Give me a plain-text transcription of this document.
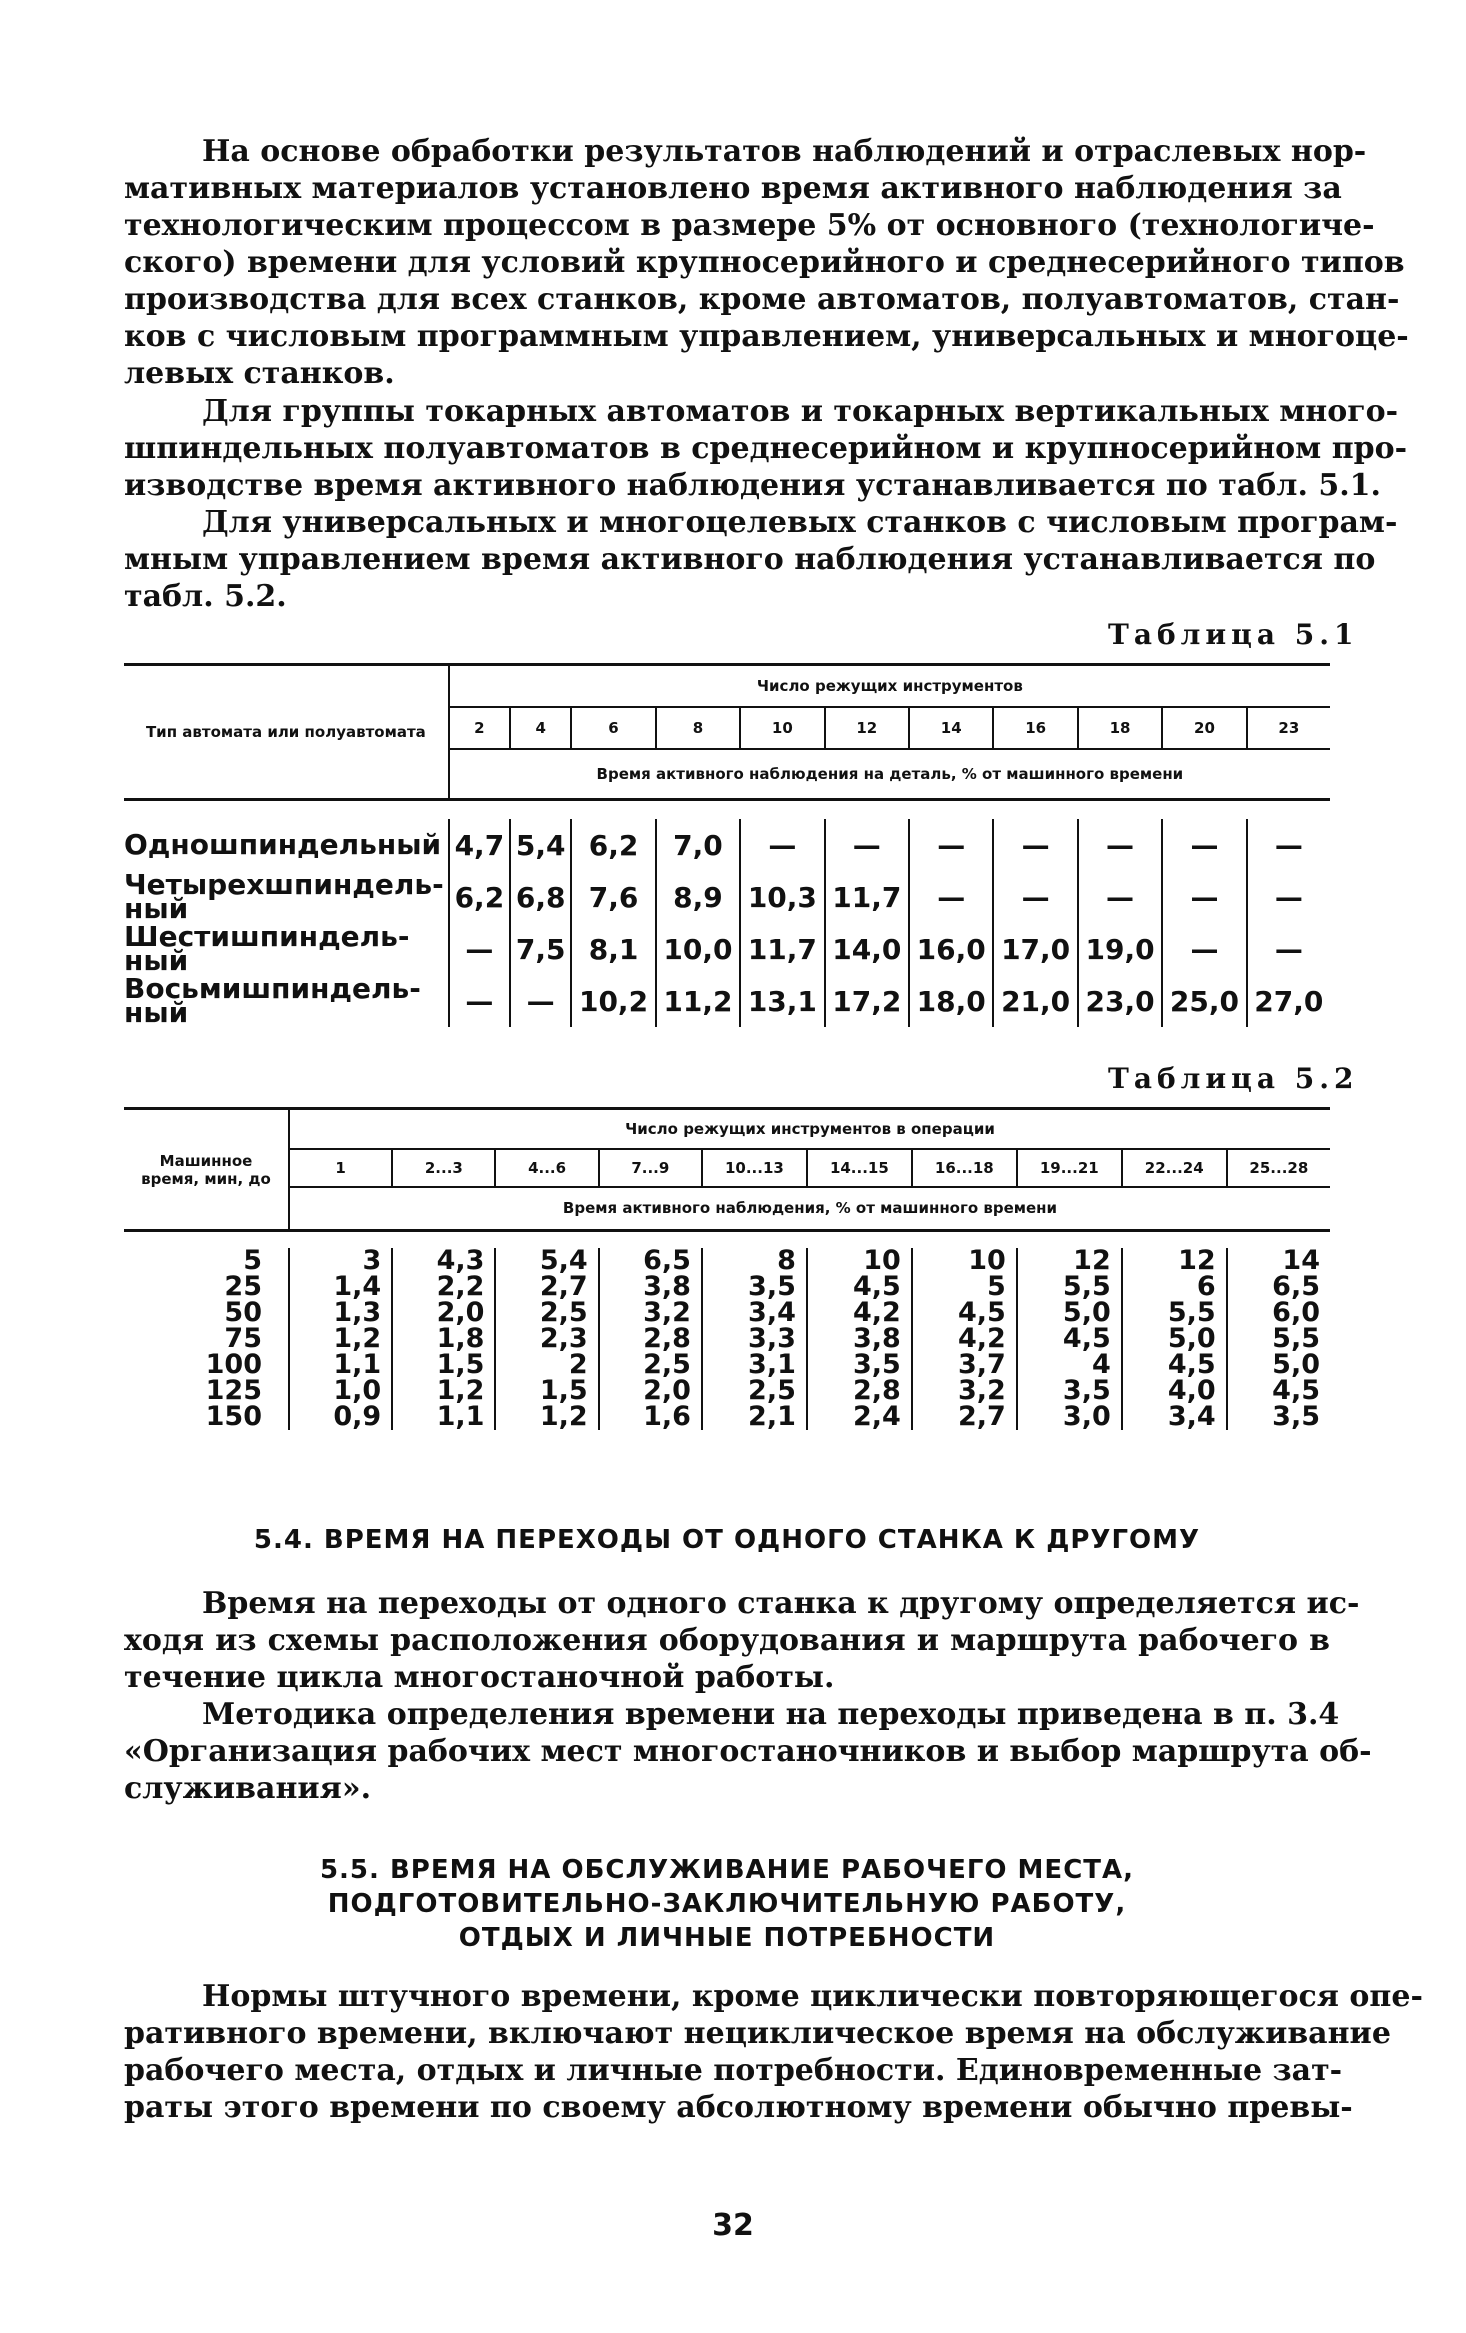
На основе обработки результатов наблюдений и отраслевых нор-
мативных материалов установлено время активного наблюдения за
технологическим процессом в размере 5% от основного (технологиче-
ского) времени для условий крупносерийного и среднесерийного типов
производства для всех станков, кроме автоматов, полуавтоматов, стан-
ков с числовым программным управлением, универсальных и многоце-
левых станков.
Для группы токарных автоматов и токарных вертикальных много-
шпиндельных полуавтоматов в среднесерийном и крупносерийном про-
изводстве время активного наблюдения устанавливается по табл. 5.1.
Для универсальных и многоцелевых станков с числовым програм-
мным управлением время активного наблюдения устанавливается по
табл. 5.2.
Таблица 5.1
Тип автомата или полуавтомата	Число режущих инструментов										
	2	4	6	8	10	12	14	16	18	20	23
	Время активного наблюдения на деталь, % от машинного времени										

Одношпиндельный	4,7	5,4	6,2	7,0	—	—	—	—	—	—	—
Четырехшпиндель-ный	6,2	6,8	7,6	8,9	10,3	11,7	—	—	—	—	—
Шестишпиндель-ный	—	7,5	8,1	10,0	11,7	14,0	16,0	17,0	19,0	—	—
Восьмишпиндель-ный	—	—	10,2	11,2	13,1	17,2	18,0	21,0	23,0	25,0	27,0
Таблица 5.2
Машинное время, мин, до	Число режущих инструментов в операции									
	1	2...3	4...6	7...9	10...13	14...15	16...18	19...21	22...24	25...28
	Время активного наблюдения, % от машинного времени									

5	3	4,3	5,4	6,5	8	10	10	12	12	14
25	1,4	2,2	2,7	3,8	3,5	4,5	5	5,5	6	6,5
50	1,3	2,0	2,5	3,2	3,4	4,2	4,5	5,0	5,5	6,0
75	1,2	1,8	2,3	2,8	3,3	3,8	4,2	4,5	5,0	5,5
100	1,1	1,5	2	2,5	3,1	3,5	3,7	4	4,5	5,0
125	1,0	1,2	1,5	2,0	2,5	2,8	3,2	3,5	4,0	4,5
150	0,9	1,1	1,2	1,6	2,1	2,4	2,7	3,0	3,4	3,5
5.4. ВРЕМЯ НА ПЕРЕХОДЫ ОТ ОДНОГО СТАНКА К ДРУГОМУ
Время на переходы от одного станка к другому определяется ис-
ходя из схемы расположения оборудования и маршрута рабочего в
течение цикла многостаночной работы.
Методика определения времени на переходы приведена в п. 3.4
«Организация рабочих мест многостаночников и выбор маршрута об-
служивания».
5.5. ВРЕМЯ НА ОБСЛУЖИВАНИЕ РАБОЧЕГО МЕСТА,
ПОДГОТОВИТЕЛЬНО-ЗАКЛЮЧИТЕЛЬНУЮ РАБОТУ,
ОТДЫХ И ЛИЧНЫЕ ПОТРЕБНОСТИ
Нормы штучного времени, кроме циклически повторяющегося опе-
ративного времени, включают нециклическое время на обслуживание
рабочего места, отдых и личные потребности. Единовременные зат-
раты этого времени по своему абсолютному времени обычно превы-
32
